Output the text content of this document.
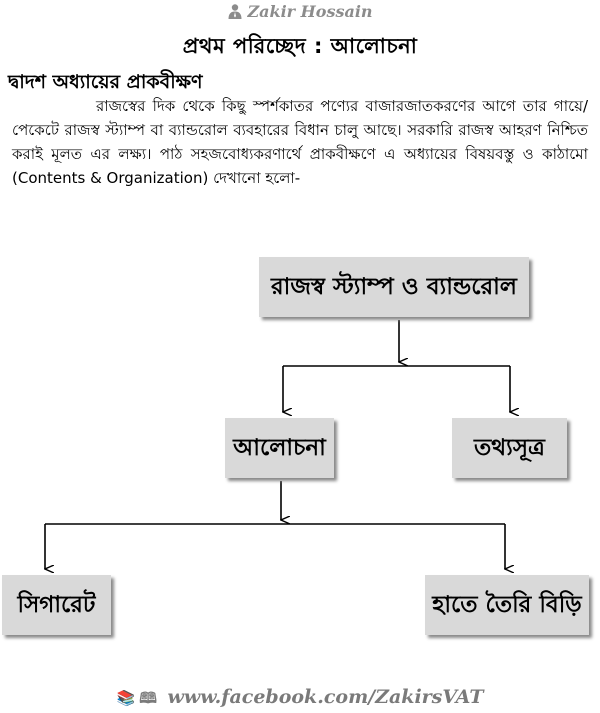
Zakir Hossain
প্রথম পরিচ্ছেদ : আলোচনা
দ্বাদশ অধ্যায়ের প্রাকবীক্ষণ
রাজস্বের দিক থেকে কিছু স্পর্শকাতর পণ্যের বাজারজাতকরণের আগে তার গায়ে/পেকেটে রাজস্ব স্ট্যাম্প বা ব্যান্ডরোল ব্যবহারের বিধান চালু আছে। সরকারি রাজস্ব আহরণ নিশ্চিত করাই মূলত এর লক্ষ্য। পাঠ সহজবোধ্যকরণার্থে প্রাকবীক্ষণে এ অধ্যায়ের বিষয়বস্তু ও কাঠামো (Contents & Organization) দেখানো হলো-
রাজস্ব স্ট্যাম্প ও ব্যান্ডরোল
আলোচনা	তথ্যসূত্র
সিগারেট	হাতে তৈরি বিড়ি
📚 🕮 www.facebook.com/ZakirsVAT
